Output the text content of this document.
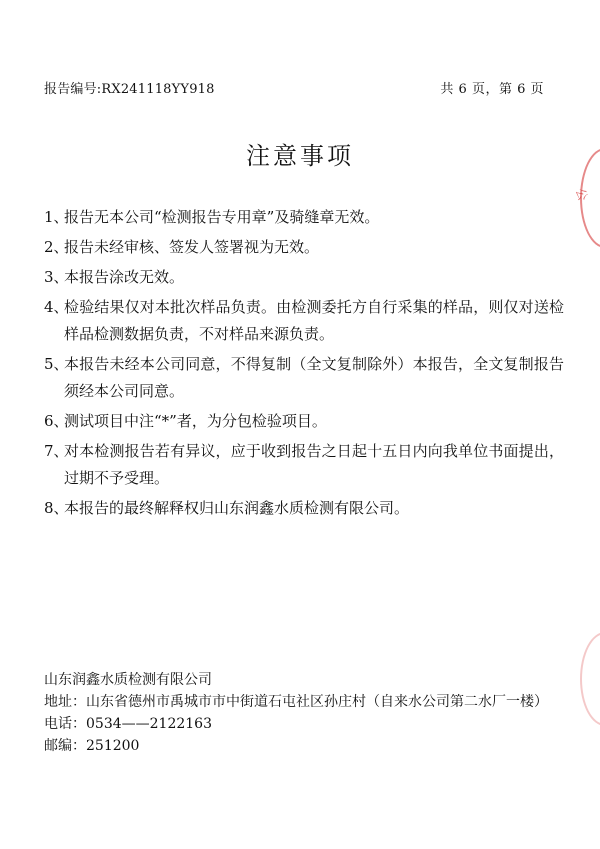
报告编号:RX241118YY918	共 6 页，第 6 页
注意事项
1、
报告无本公司“检测报告专用章”及骑缝章无效。
2、
报告未经审核、签发人签署视为无效。
3、
本报告涂改无效。
4、
检验结果仅对本批次样品负责。由检测委托方自行采集的样品，则仅对送检样品检测数据负责，不对样品来源负责。
5、
本报告未经本公司同意，不得复制（全文复制除外）本报告，全文复制报告须经本公司同意。
6、
测试项目中注“*”者，为分包检验项目。
7、
对本检测报告若有异议，应于收到报告之日起十五日内向我单位书面提出，过期不予受理。
8、
本报告的最终解释权归山东润鑫水质检测有限公司。
山东润鑫水质检测有限公司
地址： 山东省德州市禹城市市中街道石屯社区孙庄村（自来水公司第二水厂一楼）
电话： 0534——2122163
邮编： 251200
公
